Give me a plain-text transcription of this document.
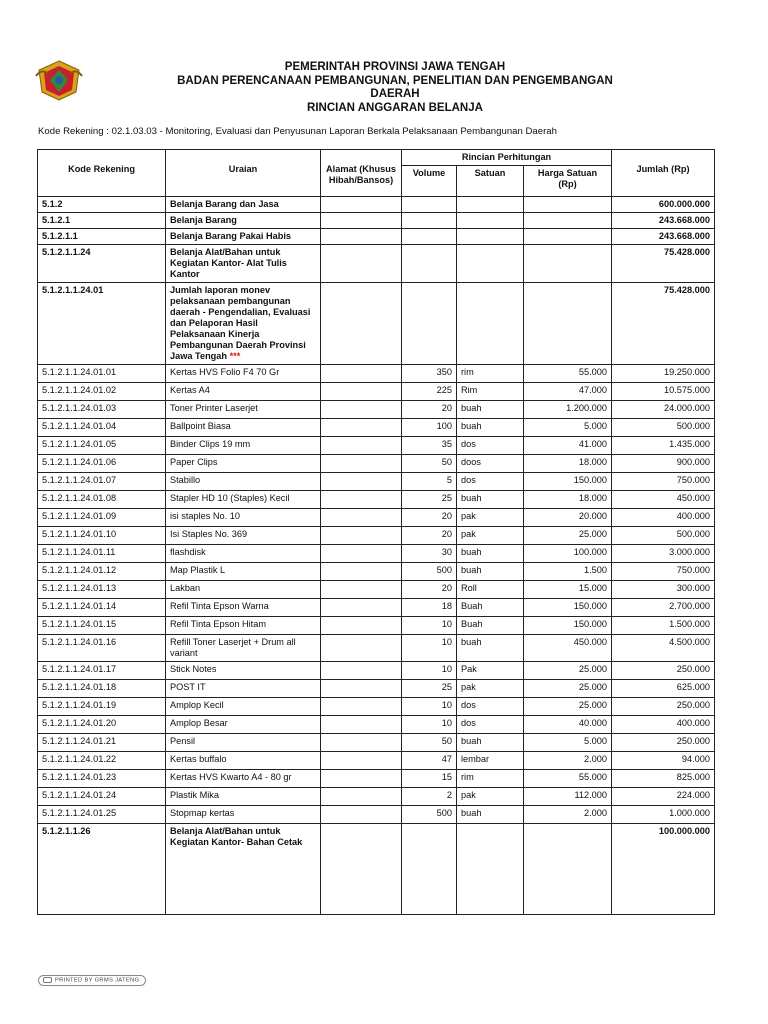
PEMERINTAH PROVINSI JAWA TENGAH
BADAN PERENCANAAN PEMBANGUNAN, PENELITIAN DAN PENGEMBANGAN
DAERAH
RINCIAN ANGGARAN BELANJA
Kode Rekening : 02.1.03.03 - Monitoring, Evaluasi dan Penyusunan Laporan Berkala Pelaksanaan Pembangunan Daerah
Kode Rekening	Uraian	Alamat (Khusus Hibah/Bansos)	Rincian Perhitungan			Jumlah (Rp)
			Volume	Satuan	Harga Satuan (Rp)	
5.1.2	Belanja Barang dan Jasa					600.000.000
5.1.2.1	Belanja Barang					243.668.000
5.1.2.1.1	Belanja Barang Pakai Habis					243.668.000
5.1.2.1.1.24	Belanja Alat/Bahan untuk Kegiatan Kantor- Alat Tulis Kantor					75.428.000
5.1.2.1.1.24.01	Jumlah laporan monev pelaksanaan pembangunan daerah - Pengendalian, Evaluasi dan Pelaporan Hasil Pelaksanaan Kinerja Pembangunan Daerah Provinsi Jawa Tengah ***					75.428.000
5.1.2.1.1.24.01.01	Kertas HVS Folio F4 70 Gr		350	rim	55.000	19.250.000
5.1.2.1.1.24.01.02	Kertas A4		225	Rim	47.000	10.575.000
5.1.2.1.1.24.01.03	Toner Printer Laserjet		20	buah	1.200.000	24.000.000
5.1.2.1.1.24.01.04	Ballpoint Biasa		100	buah	5.000	500.000
5.1.2.1.1.24.01.05	Binder Clips 19 mm		35	dos	41.000	1.435.000
5.1.2.1.1.24.01.06	Paper Clips		50	doos	18.000	900.000
5.1.2.1.1.24.01.07	Stabillo		5	dos	150.000	750.000
5.1.2.1.1.24.01.08	Stapler HD 10 (Staples) Kecil		25	buah	18.000	450.000
5.1.2.1.1.24.01.09	isi staples No. 10		20	pak	20.000	400.000
5.1.2.1.1.24.01.10	Isi Staples No. 369		20	pak	25.000	500.000
5.1.2.1.1.24.01.11	flashdisk		30	buah	100.000	3.000.000
5.1.2.1.1.24.01.12	Map Plastik L		500	buah	1.500	750.000
5.1.2.1.1.24.01.13	Lakban		20	Roll	15.000	300.000
5.1.2.1.1.24.01.14	Refil Tinta Epson Warna		18	Buah	150.000	2.700.000
5.1.2.1.1.24.01.15	Refil Tinta Epson Hitam		10	Buah	150.000	1.500.000
5.1.2.1.1.24.01.16	Refill Toner Laserjet + Drum all variant		10	buah	450.000	4.500.000
5.1.2.1.1.24.01.17	Stick Notes		10	Pak	25.000	250.000
5.1.2.1.1.24.01.18	POST IT		25	pak	25.000	625.000
5.1.2.1.1.24.01.19	Amplop Kecil		10	dos	25.000	250.000
5.1.2.1.1.24.01.20	Amplop Besar		10	dos	40.000	400.000
5.1.2.1.1.24.01.21	Pensil		50	buah	5.000	250.000
5.1.2.1.1.24.01.22	Kertas buffalo		47	lembar	2.000	94.000
5.1.2.1.1.24.01.23	Kertas HVS Kwarto A4 - 80 gr		15	rim	55.000	825.000
5.1.2.1.1.24.01.24	Plastik Mika		2	pak	112.000	224.000
5.1.2.1.1.24.01.25	Stopmap kertas		500	buah	2.000	1.000.000
5.1.2.1.1.26	Belanja Alat/Bahan untuk Kegiatan Kantor- Bahan Cetak					100.000.000
PRINTED BY GRMS JATENG
